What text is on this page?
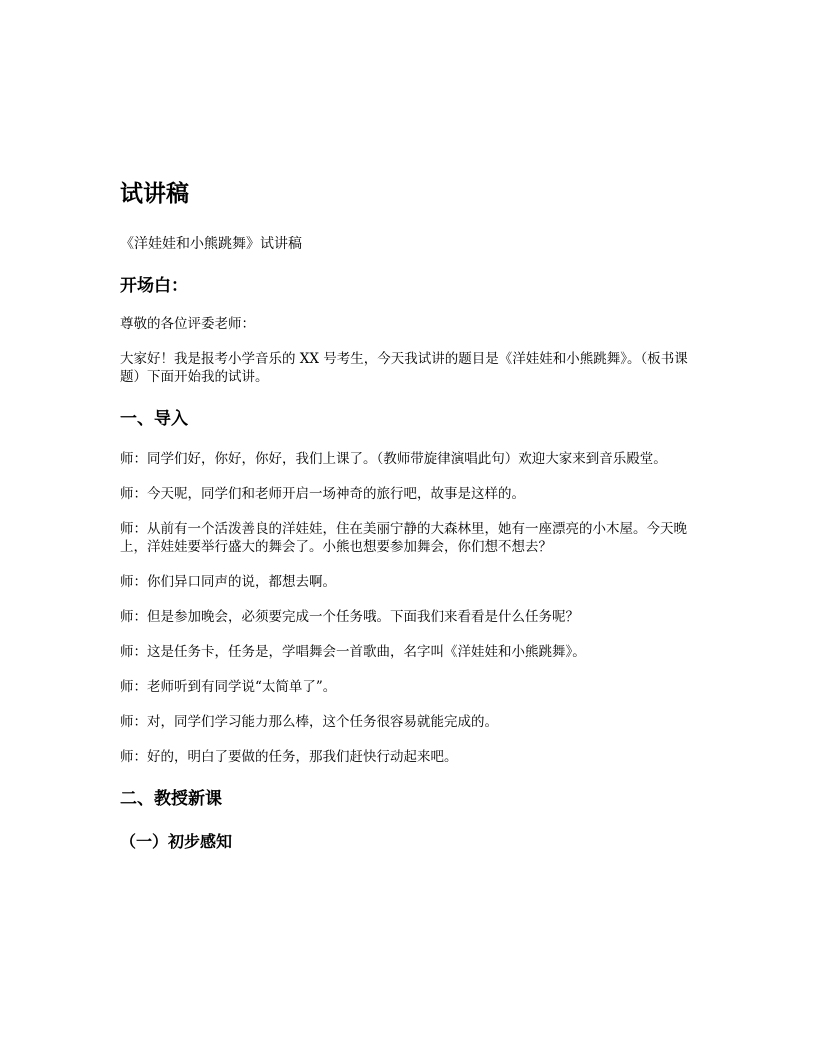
试讲稿
《洋娃娃和小熊跳舞》试讲稿
开场白：
尊敬的各位评委老师：
大家好！我是报考小学音乐的 XX 号考生，今天我试讲的题目是《洋娃娃和小熊跳舞》。（板书课题）下面开始我的试讲。
一、导入
师：同学们好，你好，你好，我们上课了。（教师带旋律演唱此句）欢迎大家来到音乐殿堂。
师：今天呢，同学们和老师开启一场神奇的旅行吧，故事是这样的。
师：从前有一个活泼善良的洋娃娃，住在美丽宁静的大森林里，她有一座漂亮的小木屋。今天晚上，洋娃娃要举行盛大的舞会了。小熊也想要参加舞会，你们想不想去？
师：你们异口同声的说，都想去啊。
师：但是参加晚会，必须要完成一个任务哦。下面我们来看看是什么任务呢？
师：这是任务卡，任务是，学唱舞会一首歌曲，名字叫《洋娃娃和小熊跳舞》。
师：老师听到有同学说“太简单了”。
师：对，同学们学习能力那么棒，这个任务很容易就能完成的。
师：好的，明白了要做的任务，那我们赶快行动起来吧。
二、教授新课
（一）初步感知
